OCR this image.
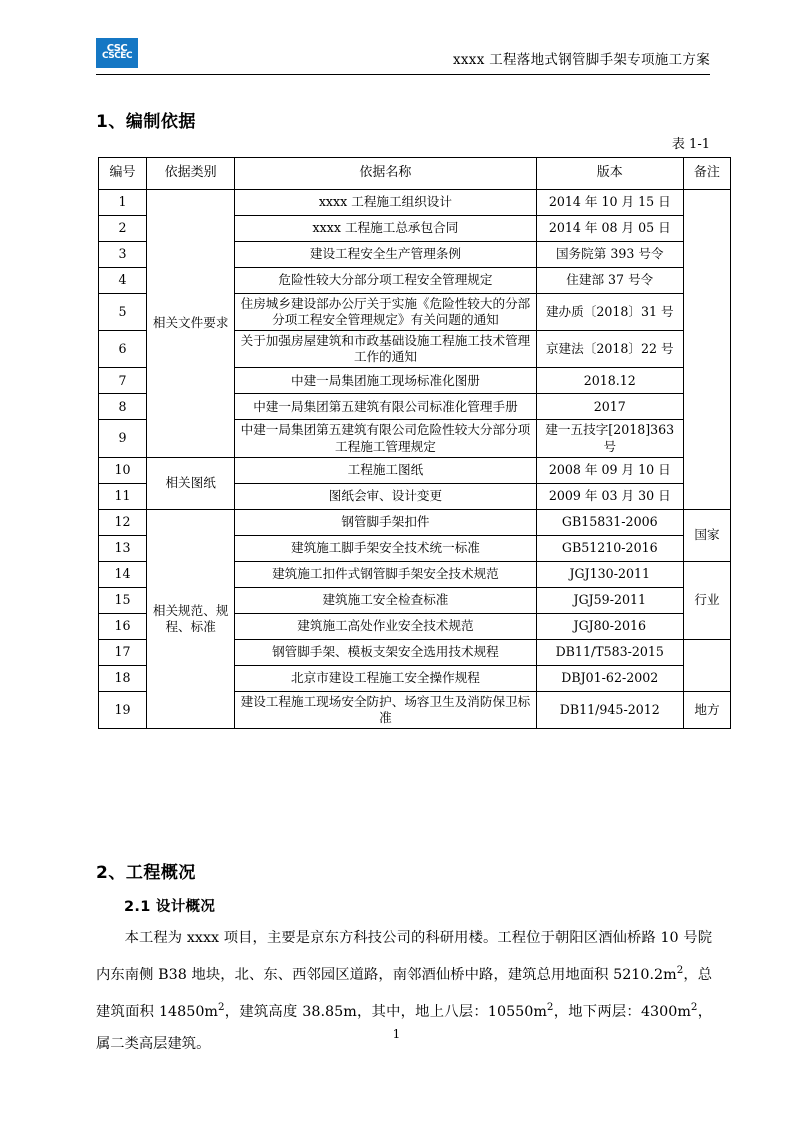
CSC
CSCEC	xxxx 工程落地式钢管脚手架专项施工方案
1、编制依据
表 1-1
编号	依据类别	依据名称	版本	备注
1	相关文件要求	xxxx 工程施工组织设计	2014 年 10 月 15 日	
2		xxxx 工程施工总承包合同	2014 年 08 月 05 日	
3		建设工程安全生产管理条例	国务院第 393 号令	
4		危险性较大分部分项工程安全管理规定	住建部 37 号令	
5		住房城乡建设部办公厅关于实施《危险性较大的分部分项工程安全管理规定》有关问题的通知	建办质〔2018〕31 号	
6		关于加强房屋建筑和市政基础设施工程施工技术管理工作的通知	京建法〔2018〕22 号	
7		中建一局集团施工现场标准化图册	2018.12	
8		中建一局集团第五建筑有限公司标准化管理手册	2017	
9		中建一局集团第五建筑有限公司危险性较大分部分项工程施工管理规定	建一五技字[2018]363 号	
10	相关图纸	工程施工图纸	2008 年 09 月 10 日	
11		图纸会审、设计变更	2009 年 03 月 30 日	
12	相关规范、规程、标准	钢管脚手架扣件	GB15831-2006	国家
13		建筑施工脚手架安全技术统一标准	GB51210-2016	
14		建筑施工扣件式钢管脚手架安全技术规范	JGJ130-2011	行业
15		建筑施工安全检查标准	JGJ59-2011	
16		建筑施工高处作业安全技术规范	JGJ80-2016	
17		钢管脚手架、模板支架安全选用技术规程	DB11/T583-2015	
18		北京市建设工程施工安全操作规程	DBJ01-62-2002	
19		建设工程施工现场安全防护、场容卫生及消防保卫标准	DB11/945-2012	地方
2、工程概况
2.1 设计概况
本工程为 xxxx 项目，主要是京东方科技公司的科研用楼。工程位于朝阳区酒仙桥路 10 号院内东南侧 B38 地块，北、东、西邻园区道路，南邻酒仙桥中路，建筑总用地面积 $5210.2m^2$，总建筑面积 $14850m^2$，建筑高度 38.85m，其中，地上八层：$10550m^2$，地下两层：$4300m^2$，属二类高层建筑。
1
